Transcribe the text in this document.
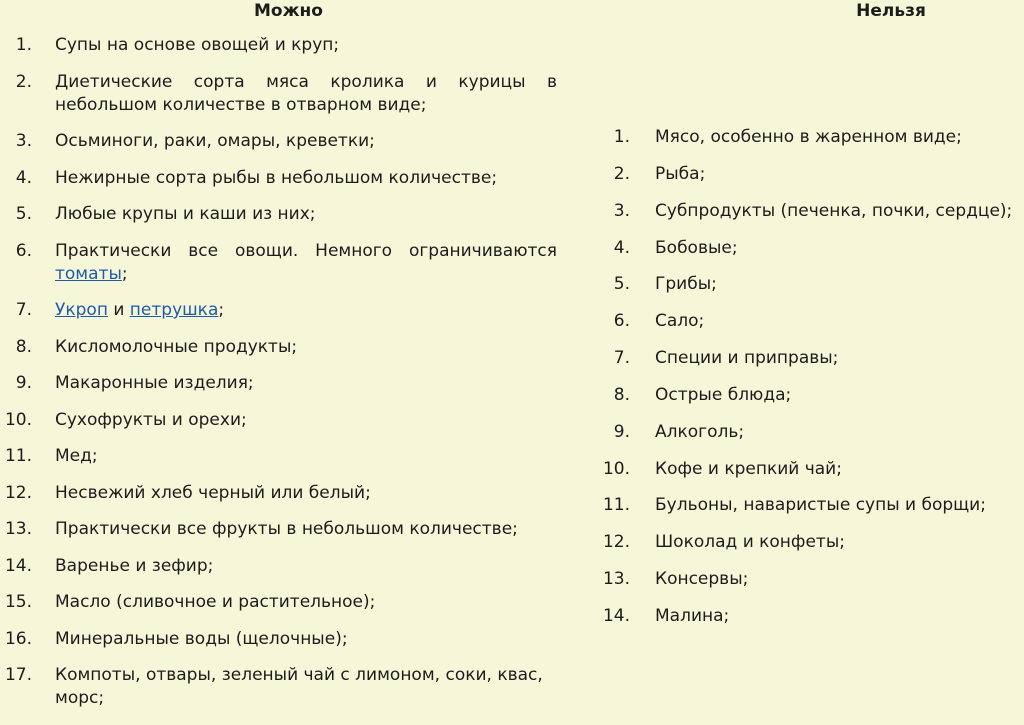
Можно
1. Супы на основе овощей и круп;
2. Диетические сорта мяса кролика и курицы в небольшом количестве в отварном виде;
3. Осьминоги, раки, омары, креветки;
4. Нежирные сорта рыбы в небольшом количестве;
5. Любые крупы и каши из них;
6. Практически все овощи. Немного ограничиваются томаты;
7. Укроп и петрушка;
8. Кисломолочные продукты;
9. Макаронные изделия;
10. Сухофрукты и орехи;
11. Мед;
12. Несвежий хлеб черный или белый;
13. Практически все фрукты в небольшом количестве;
14. Варенье и зефир;
15. Масло (сливочное и растительное);
16. Минеральные воды (щелочные);
17. Компоты, отвары, зеленый чай с лимоном, соки, квас, морс;
Нельзя
1. Мясо, особенно в жаренном виде;
2. Рыба;
3. Субпродукты (печенка, почки, сердце);
4. Бобовые;
5. Грибы;
6. Сало;
7. Специи и приправы;
8. Острые блюда;
9. Алкоголь;
10. Кофе и крепкий чай;
11. Бульоны, наваристые супы и борщи;
12. Шоколад и конфеты;
13. Консервы;
14. Малина;
